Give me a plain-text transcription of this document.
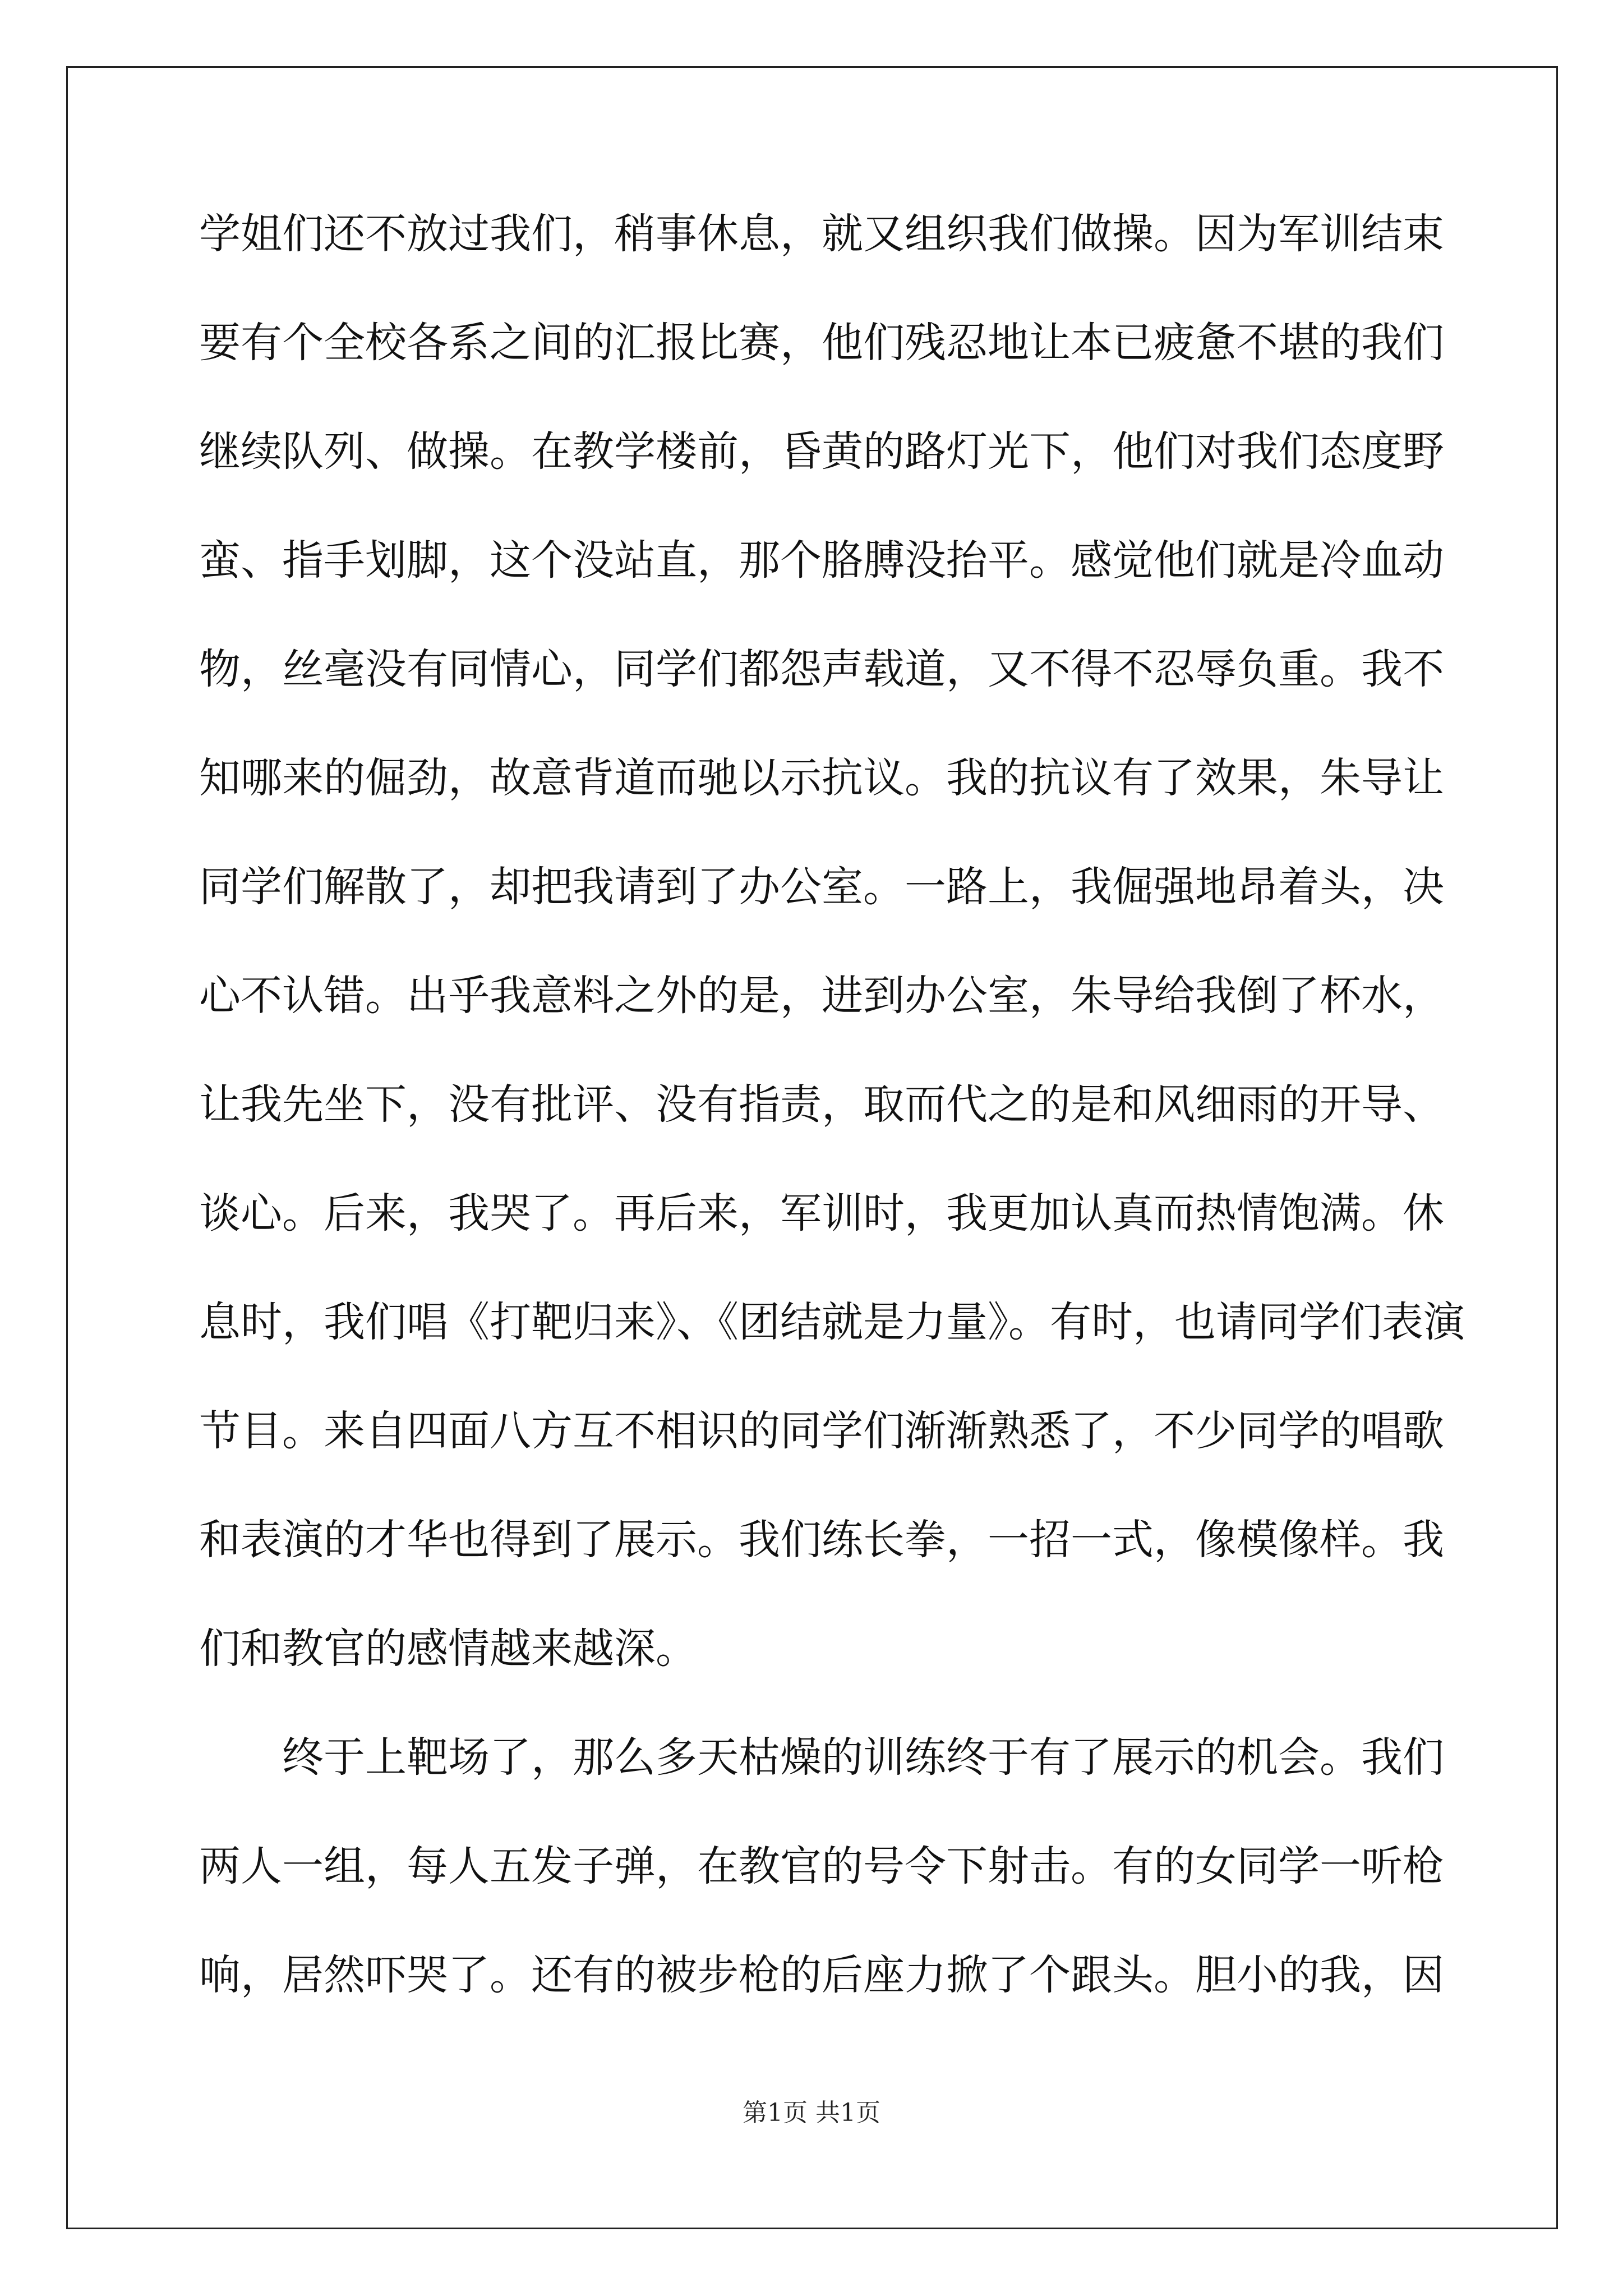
学姐们还不放过我们，稍事休息，就又组织我们做操。因为军训结束
要有个全校各系之间的汇报比赛，他们残忍地让本已疲惫不堪的我们
继续队列、做操。在教学楼前，昏黄的路灯光下，他们对我们态度野
蛮、指手划脚，这个没站直，那个胳膊没抬平。感觉他们就是冷血动
物，丝毫没有同情心，同学们都怨声载道，又不得不忍辱负重。我不
知哪来的倔劲，故意背道而驰以示抗议。我的抗议有了效果，朱导让
同学们解散了，却把我请到了办公室。一路上，我倔强地昂着头，决
心不认错。出乎我意料之外的是，进到办公室，朱导给我倒了杯水，
让我先坐下，没有批评、没有指责，取而代之的是和风细雨的开导、
谈心。后来，我哭了。再后来，军训时，我更加认真而热情饱满。休
息时，我们唱《打靶归来》、《团结就是力量》。有时，也请同学们表演
节目。来自四面八方互不相识的同学们渐渐熟悉了，不少同学的唱歌
和表演的才华也得到了展示。我们练长拳，一招一式，像模像样。我
们和教官的感情越来越深。
终于上靶场了，那么多天枯燥的训练终于有了展示的机会。我们
两人一组，每人五发子弹，在教官的号令下射击。有的女同学一听枪
响，居然吓哭了。还有的被步枪的后座力掀了个跟头。胆小的我，因
第1页 共1页
